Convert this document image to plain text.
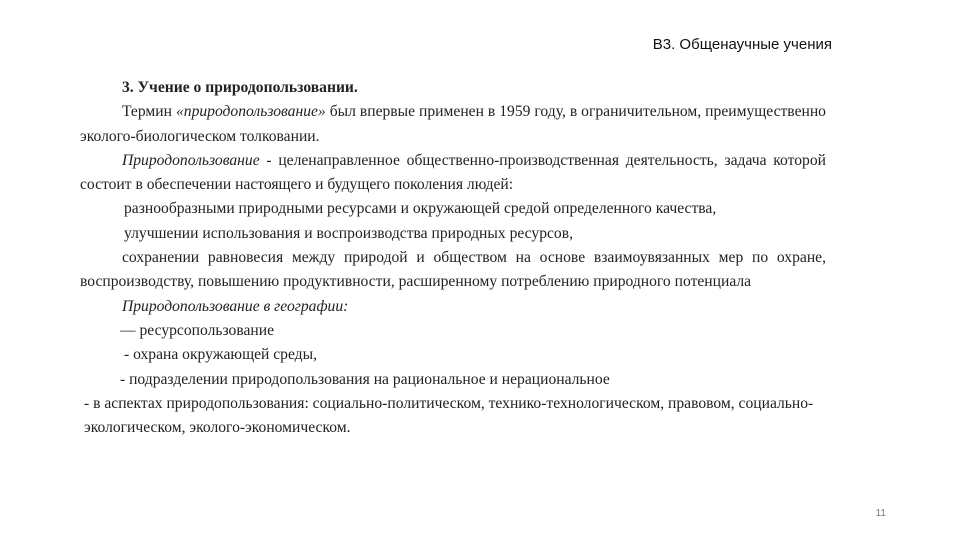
В3. Общенаучные учения

3. Учение о природопользовании.

Термин «природопользование» был впервые применен в 1959 году, в ограничительном, преимущественно эколого-биологическом толковании.

Природопользование - целенаправленное общественно-производственная деятельность, задача которой состоит в обеспечении настоящего и будущего поколения людей:

разнообразными природными ресурсами и окружающей средой определенного качества,

улучшении использования и воспроизводства природных ресурсов,

сохранении равновесия между природой и обществом на основе взаимоувязанных мер по охране, воспроизводству, повышению продуктивности, расширенному потреблению природного потенциала

Природопользование в географии:

— ресурсопользование

- охрана окружающей среды,

- подразделении природопользования на рациональное и нерациональное

- в аспектах природопользования: социально-политическом, технико-технологическом, правовом, социально-экологическом, эколого-экономическом.

11
